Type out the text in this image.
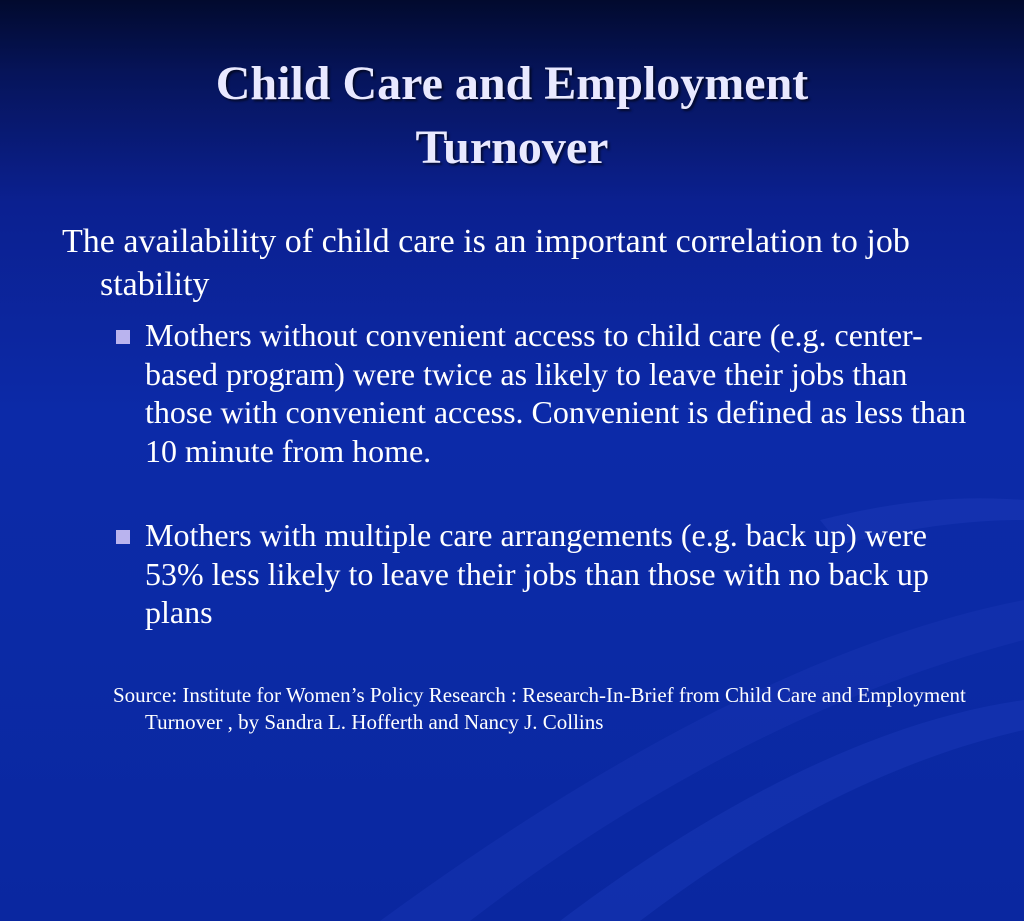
Child Care and Employment
Turnover
The availability of child care is an important correlation to job stability
Mothers without convenient access to child care (e.g. center-based program) were twice as likely to leave their jobs than those with convenient access. Convenient is defined as less than 10 minute from home.
Mothers with multiple care arrangements (e.g. back up) were 53% less likely to leave their jobs than those with no back up plans
Source: Institute for Women’s Policy Research : Research-In-Brief from Child Care and Employment Turnover , by Sandra L. Hofferth and Nancy J. Collins
